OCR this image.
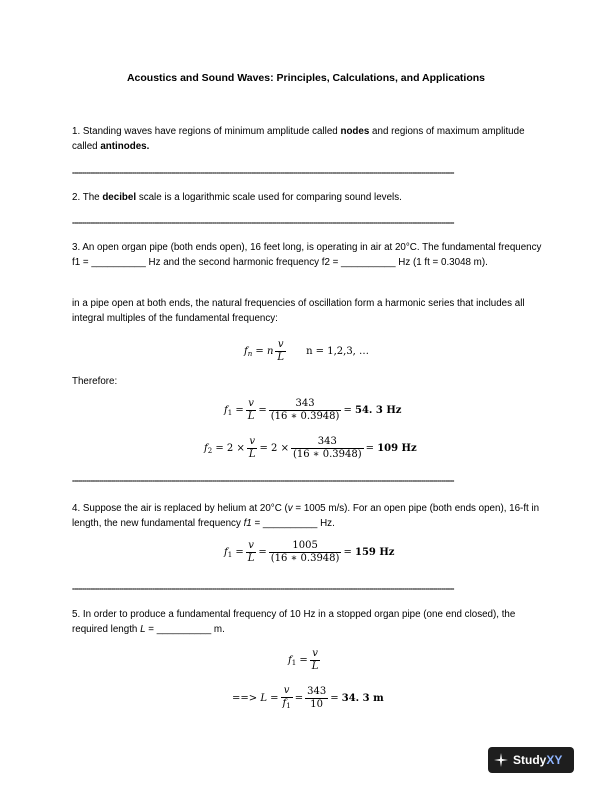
Acoustics and Sound Waves: Principles, Calculations, and Applications
1. Standing waves have regions of minimum amplitude called nodes and regions of maximum amplitude called antinodes.
-----------------------------------------------------------------------------------------------------------------------------------------------------------------------------------------
2. The decibel scale is a logarithmic scale used for comparing sound levels.
-----------------------------------------------------------------------------------------------------------------------------------------------------------------------------------------
3. An open organ pipe (both ends open), 16 feet long, is operating in air at 20°C. The fundamental frequency f1 = __________ Hz and the second harmonic frequency f2 = __________ Hz (1 ft = 0.3048 m).
in a pipe open at both ends, the natural frequencies of oscillation form a harmonic series that includes all integral multiples of the fundamental frequency:
$f_n = n \frac{v}{L}$ n = 1,2,3, …
Therefore:
$f_1 = \frac{v}{L} = \frac{343}{(16 ∗ 0.3948)} = 54$. 3 Hz
$f_2 = 2 \times \frac{v}{L} = 2 \times \frac{343}{(16 ∗ 0.3948)} = 109$ Hz
-----------------------------------------------------------------------------------------------------------------------------------------------------------------------------------------
4. Suppose the air is replaced by helium at 20°C (v = 1005 m/s). For an open pipe (both ends open), 16-ft in length, the new fundamental frequency f1 = __________ Hz.
$f_1 = \frac{v}{L} = \frac{1005}{(16 ∗ 0.3948)} = 159$ Hz
-----------------------------------------------------------------------------------------------------------------------------------------------------------------------------------------
5. In order to produce a fundamental frequency of 10 Hz in a stopped organ pipe (one end closed), the required length L = __________ m.
$f_1 = \frac{v}{L}$
==> $L = \frac{v}{f_1} = \frac{343}{10} = 34$. 3 m
Study XY
